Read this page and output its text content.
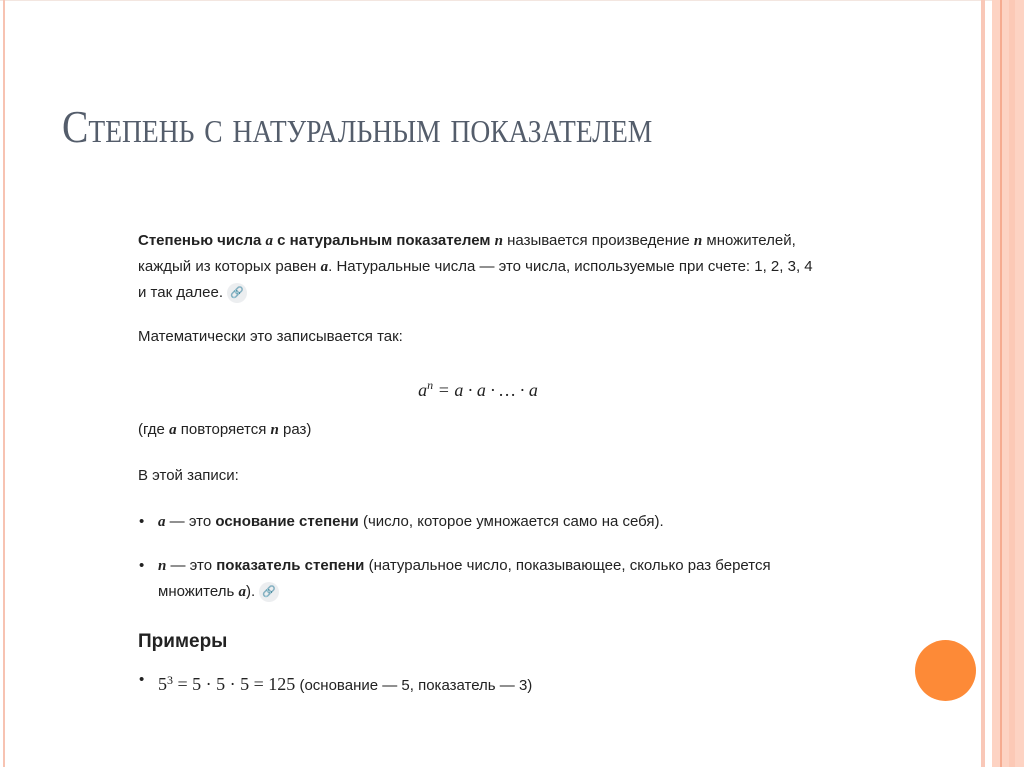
Степень с натуральным показателем

Степенью числа a с натуральным показателем n называется произведение n множителей, каждый из которых равен a. Натуральные числа — это числа, используемые при счете: 1, 2, 3, 4 и так далее. 🔗

Математически это записывается так:

$a^n = a \cdot a$ · … · a

(где a повторяется n раз)

В этой записи:

• a — это основание степени (число, которое умножается само на себя).
• n — это показатель степени (натуральное число, показывающее, сколько раз берется множитель a). 🔗
Примеры
• $5^3 = 5 \cdot 5 \cdot 5 = 125$ (основание — 5, показатель — 3)
